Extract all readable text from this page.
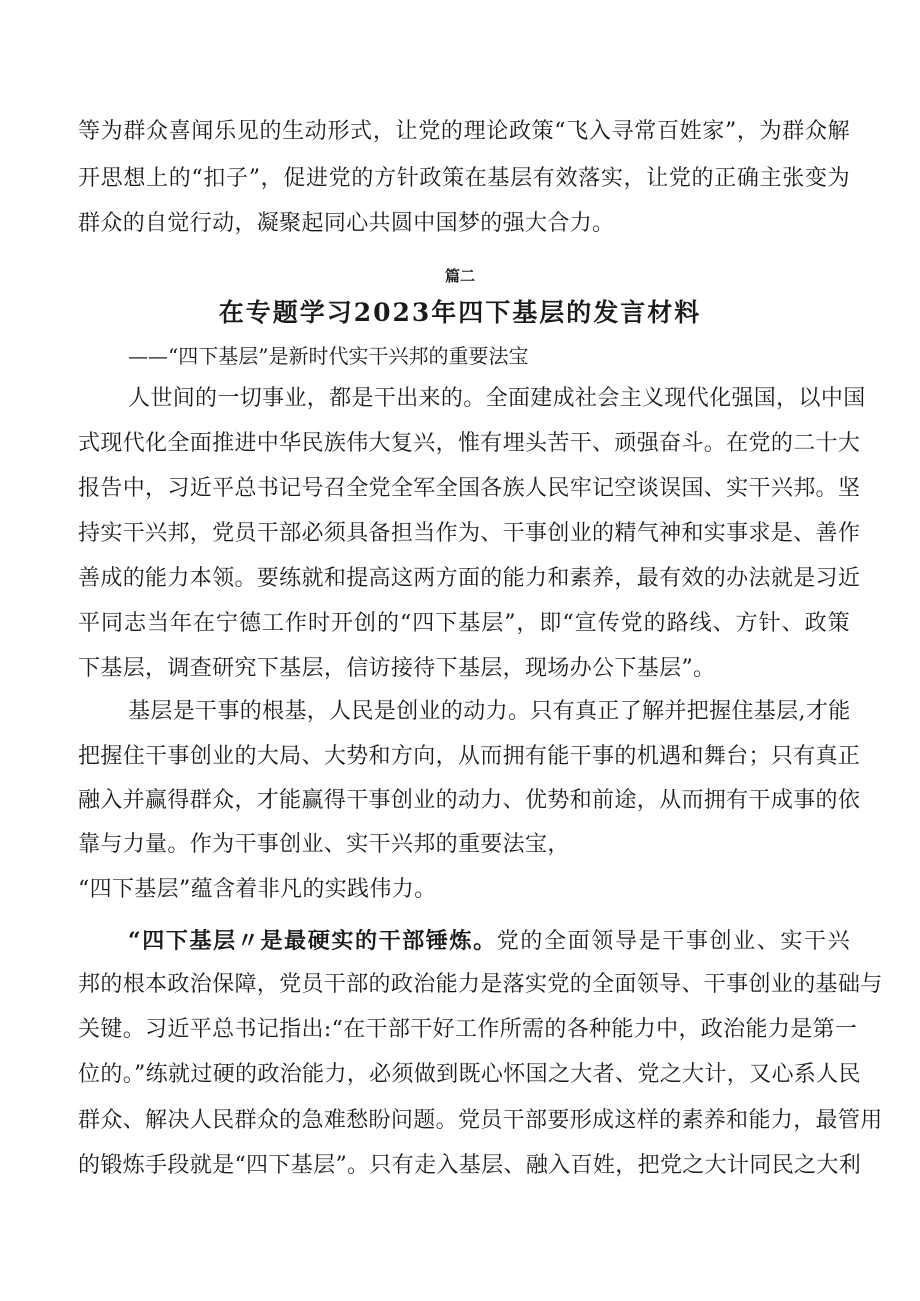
等为群众喜闻乐见的生动形式，让党的理论政策“飞入寻常百姓家”，为群众解
开思想上的“扣子”，促进党的方针政策在基层有效落实，让党的正确主张变为
群众的自觉行动，凝聚起同心共圆中国梦的强大合力。
篇二
在专题学习2023年四下基层的发言材料
——“四下基层”是新时代实干兴邦的重要法宝
人世间的一切事业，都是干出来的。全面建成社会主义现代化强国，以中国
式现代化全面推进中华民族伟大复兴，惟有埋头苦干、顽强奋斗。在党的二十大
报告中，习近平总书记号召全党全军全国各族人民牢记空谈误国、实干兴邦。坚
持实干兴邦，党员干部必须具备担当作为、干事创业的精气神和实事求是、善作
善成的能力本领。要练就和提高这两方面的能力和素养，最有效的办法就是习近
平同志当年在宁德工作时开创的“四下基层”，即“宣传党的路线、方针、政策
下基层，调查研究下基层，信访接待下基层，现场办公下基层”。
基层是干事的根基，人民是创业的动力。只有真正了解并把握住基层,才能
把握住干事创业的大局、大势和方向，从而拥有能干事的机遇和舞台；只有真正
融入并赢得群众，才能赢得干事创业的动力、优势和前途，从而拥有干成事的依
靠与力量。作为干事创业、实干兴邦的重要法宝，
“四下基层”蕴含着非凡的实践伟力。
“四下基层〃是最硬实的干部锤炼。党的全面领导是干事创业、实干兴
邦的根本政治保障，党员干部的政治能力是落实党的全面领导、干事创业的基础与
关键。习近平总书记指出:“在干部干好工作所需的各种能力中，政治能力是第一
位的。”练就过硬的政治能力，必须做到既心怀国之大者、党之大计，又心系人民
群众、解决人民群众的急难愁盼问题。党员干部要形成这样的素养和能力，最管用
的锻炼手段就是“四下基层”。只有走入基层、融入百姓，把党之大计同民之大利
